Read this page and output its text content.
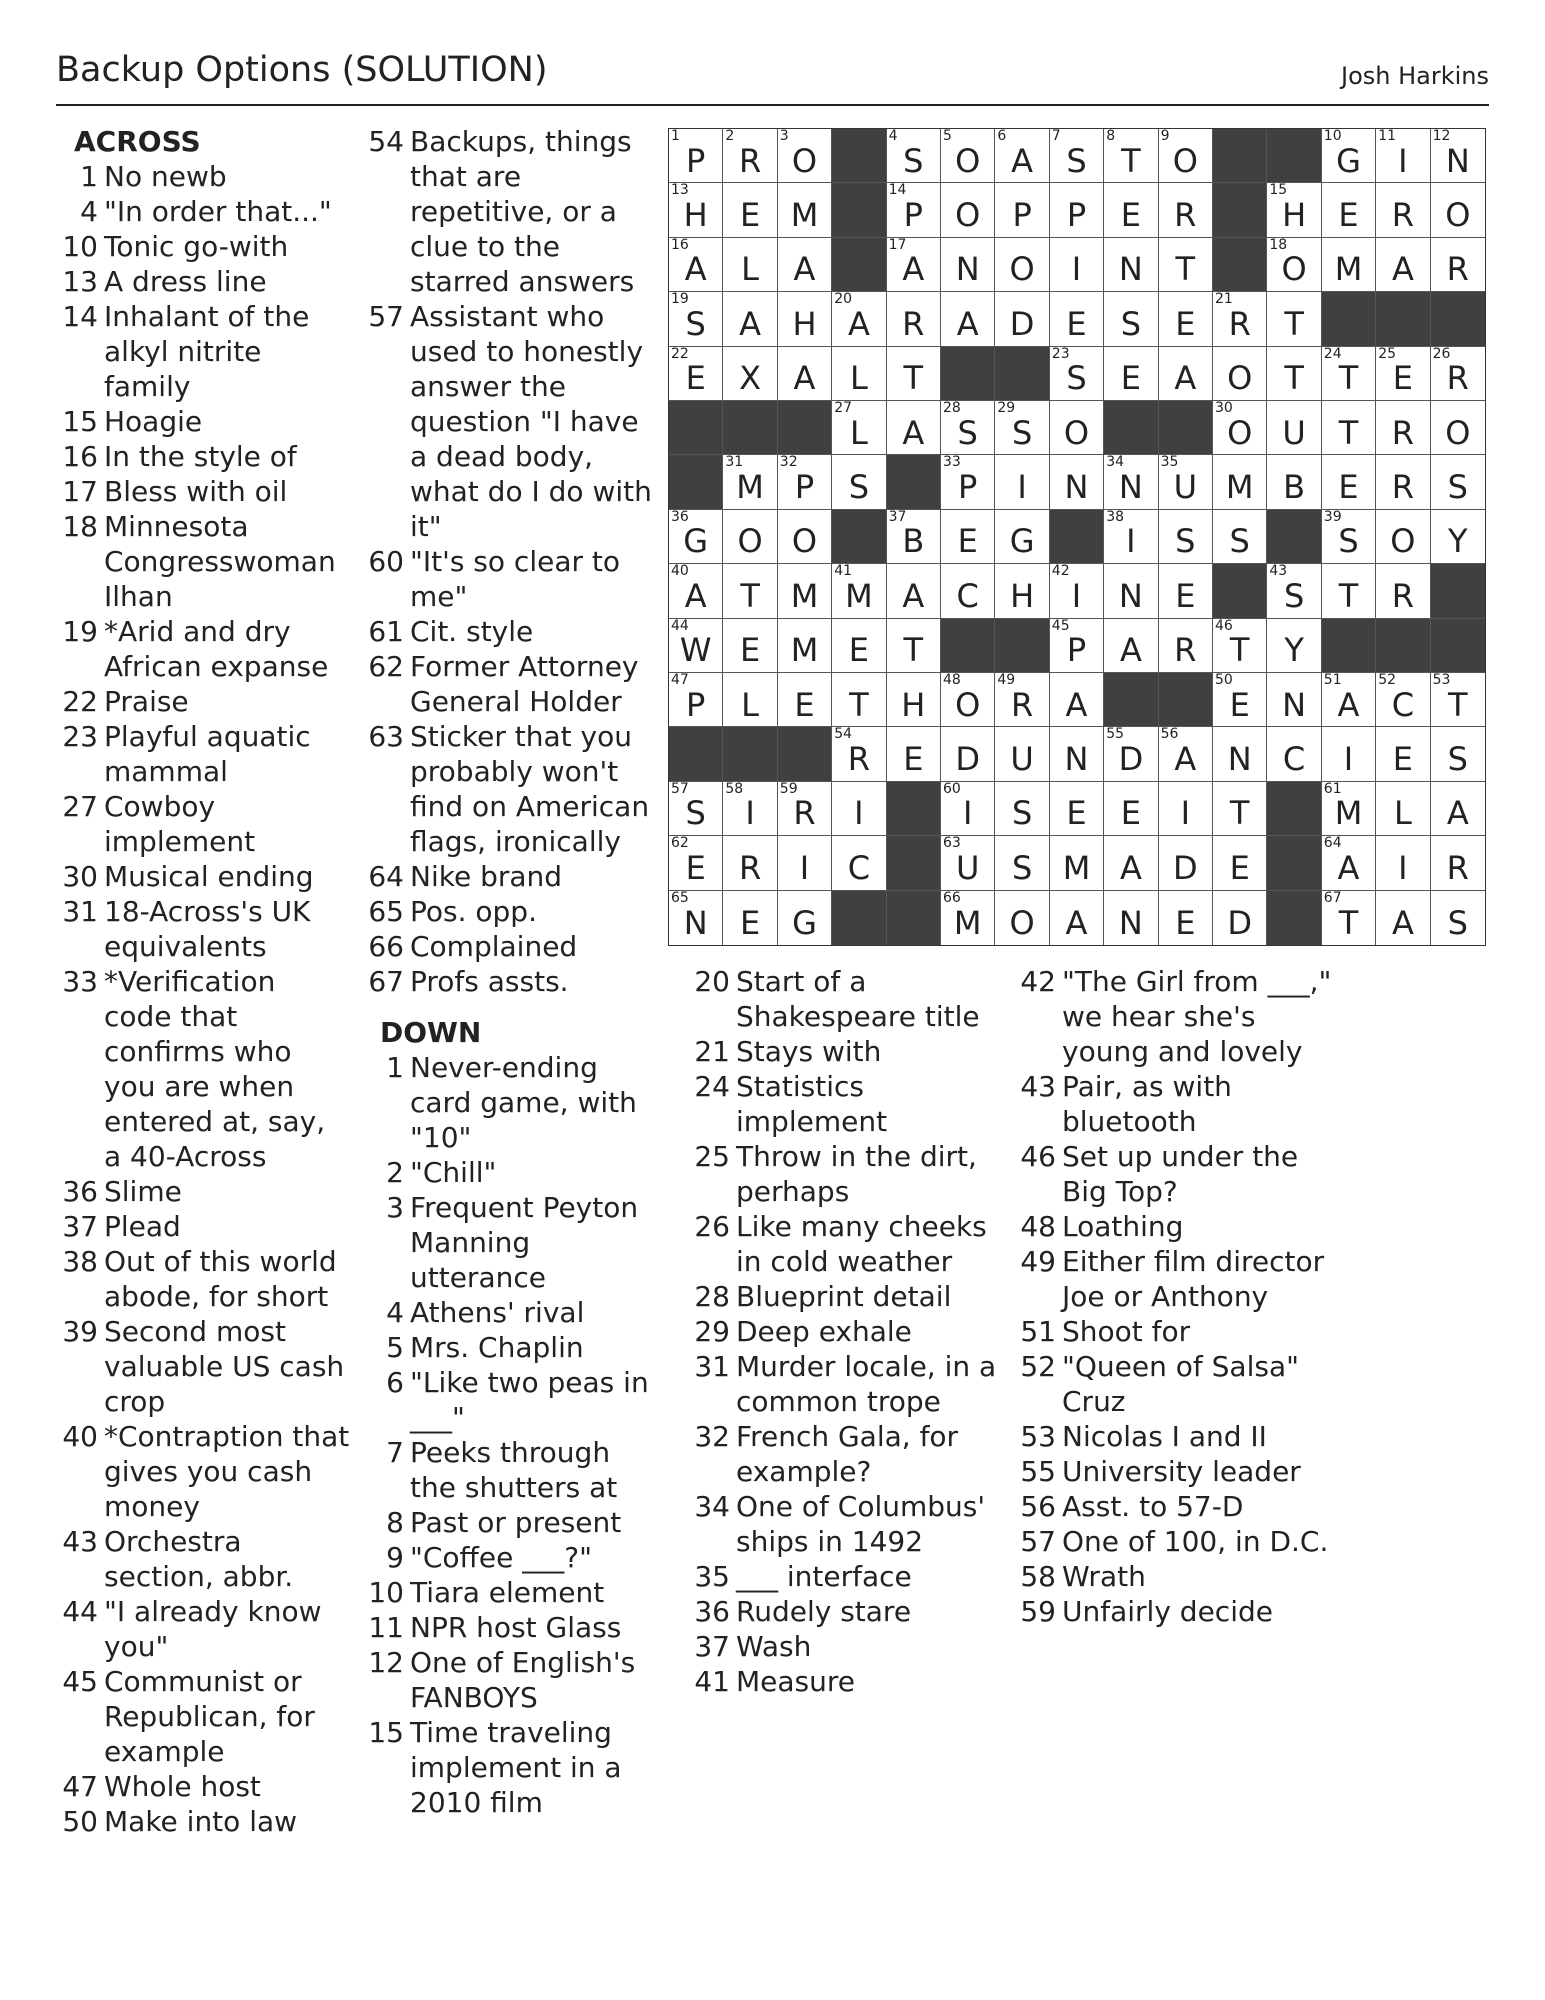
Backup Options (SOLUTION)	Josh Harkins
ACROSS
1 No newb
4 "In order that..."
10 Tonic go-with
13 A dress line
14 Inhalant of the alkyl nitrite family
15 Hoagie
16 In the style of
17 Bless with oil
18 Minnesota Congresswoman Ilhan
19 *Arid and dry African expanse
22 Praise
23 Playful aquatic mammal
27 Cowboy implement
30 Musical ending
31 18-Across's UK equivalents
33 *Verification code that confirms who you are when entered at, say, a 40-Across
36 Slime
37 Plead
38 Out of this world abode, for short
39 Second most valuable US cash crop
40 *Contraption that gives you cash money
43 Orchestra section, abbr.
44 "I already know you"
45 Communist or Republican, for example
47 Whole host
50 Make into law
54 Backups, things that are repetitive, or a clue to the starred answers
57 Assistant who used to honestly answer the question "I have a dead body, what do I do with it"
60 "It's so clear to me"
61 Cit. style
62 Former Attorney General Holder
63 Sticker that you probably won't find on American flags, ironically
64 Nike brand
65 Pos. opp.
66 Complained
67 Profs assts.
DOWN
1 Never-ending card game, with "10"
2 "Chill"
3 Frequent Peyton Manning utterance
4 Athens' rival
5 Mrs. Chaplin
6 "Like two peas in ___"
7 Peeks through the shutters at
8 Past or present
9 "Coffee ___?"
10 Tiara element
11 NPR host Glass
12 One of English's FANBOYS
15 Time traveling implement in a 2010 film
20 Start of a Shakespeare title
21 Stays with
24 Statistics implement
25 Throw in the dirt, perhaps
26 Like many cheeks in cold weather
28 Blueprint detail
29 Deep exhale
31 Murder locale, in a common trope
32 French Gala, for example?
34 One of Columbus' ships in 1492
35 ___ interface
36 Rudely stare
37 Wash
41 Measure
42 "The Girl from ___," we hear she's young and lovely
43 Pair, as with bluetooth
46 Set up under the Big Top?
48 Loathing
49 Either film director Joe or Anthony
51 Shoot for
52 "Queen of Salsa" Cruz
53 Nicolas I and II
55 University leader
56 Asst. to 57-D
57 One of 100, in D.C.
58 Wrath
59 Unfairly decide
1
P
2
R
3
O
4
S
5
O
6
A
7
S
8
T
9
O
10
G
11
I
12
N
13
H E M
14
P O P P E R
15
H E R O
16
A L A
17
A N O I N T
18
O M A R
19
S A H
20
A R A D E S E
21
R T
22
E X A L T
23
S E A O T
24
T
25
E
26
R
27
L A
28
S
29
S O
30
O U T R O
31
M
32
P S
33
P I N
34
N
35
U M B E R S
36
G O O
37
B E G
38
I S S
39
S O Y
40
A T M
41
M A C H
42
I N E
43
S T R
44
W E M E T
45
P A R
46
T Y
47
P L E T H
48
O
49
R A
50
E N
51
A
52
C
53
T
54
R E D U N
55
D
56
A N C I E S
57
S
58
I
59
R I
60
I S E E I T
61
M L A
62
E R I C
63
U S M A D E
64
A I R
65
N E G
66
M O A N E D
67
T A S
